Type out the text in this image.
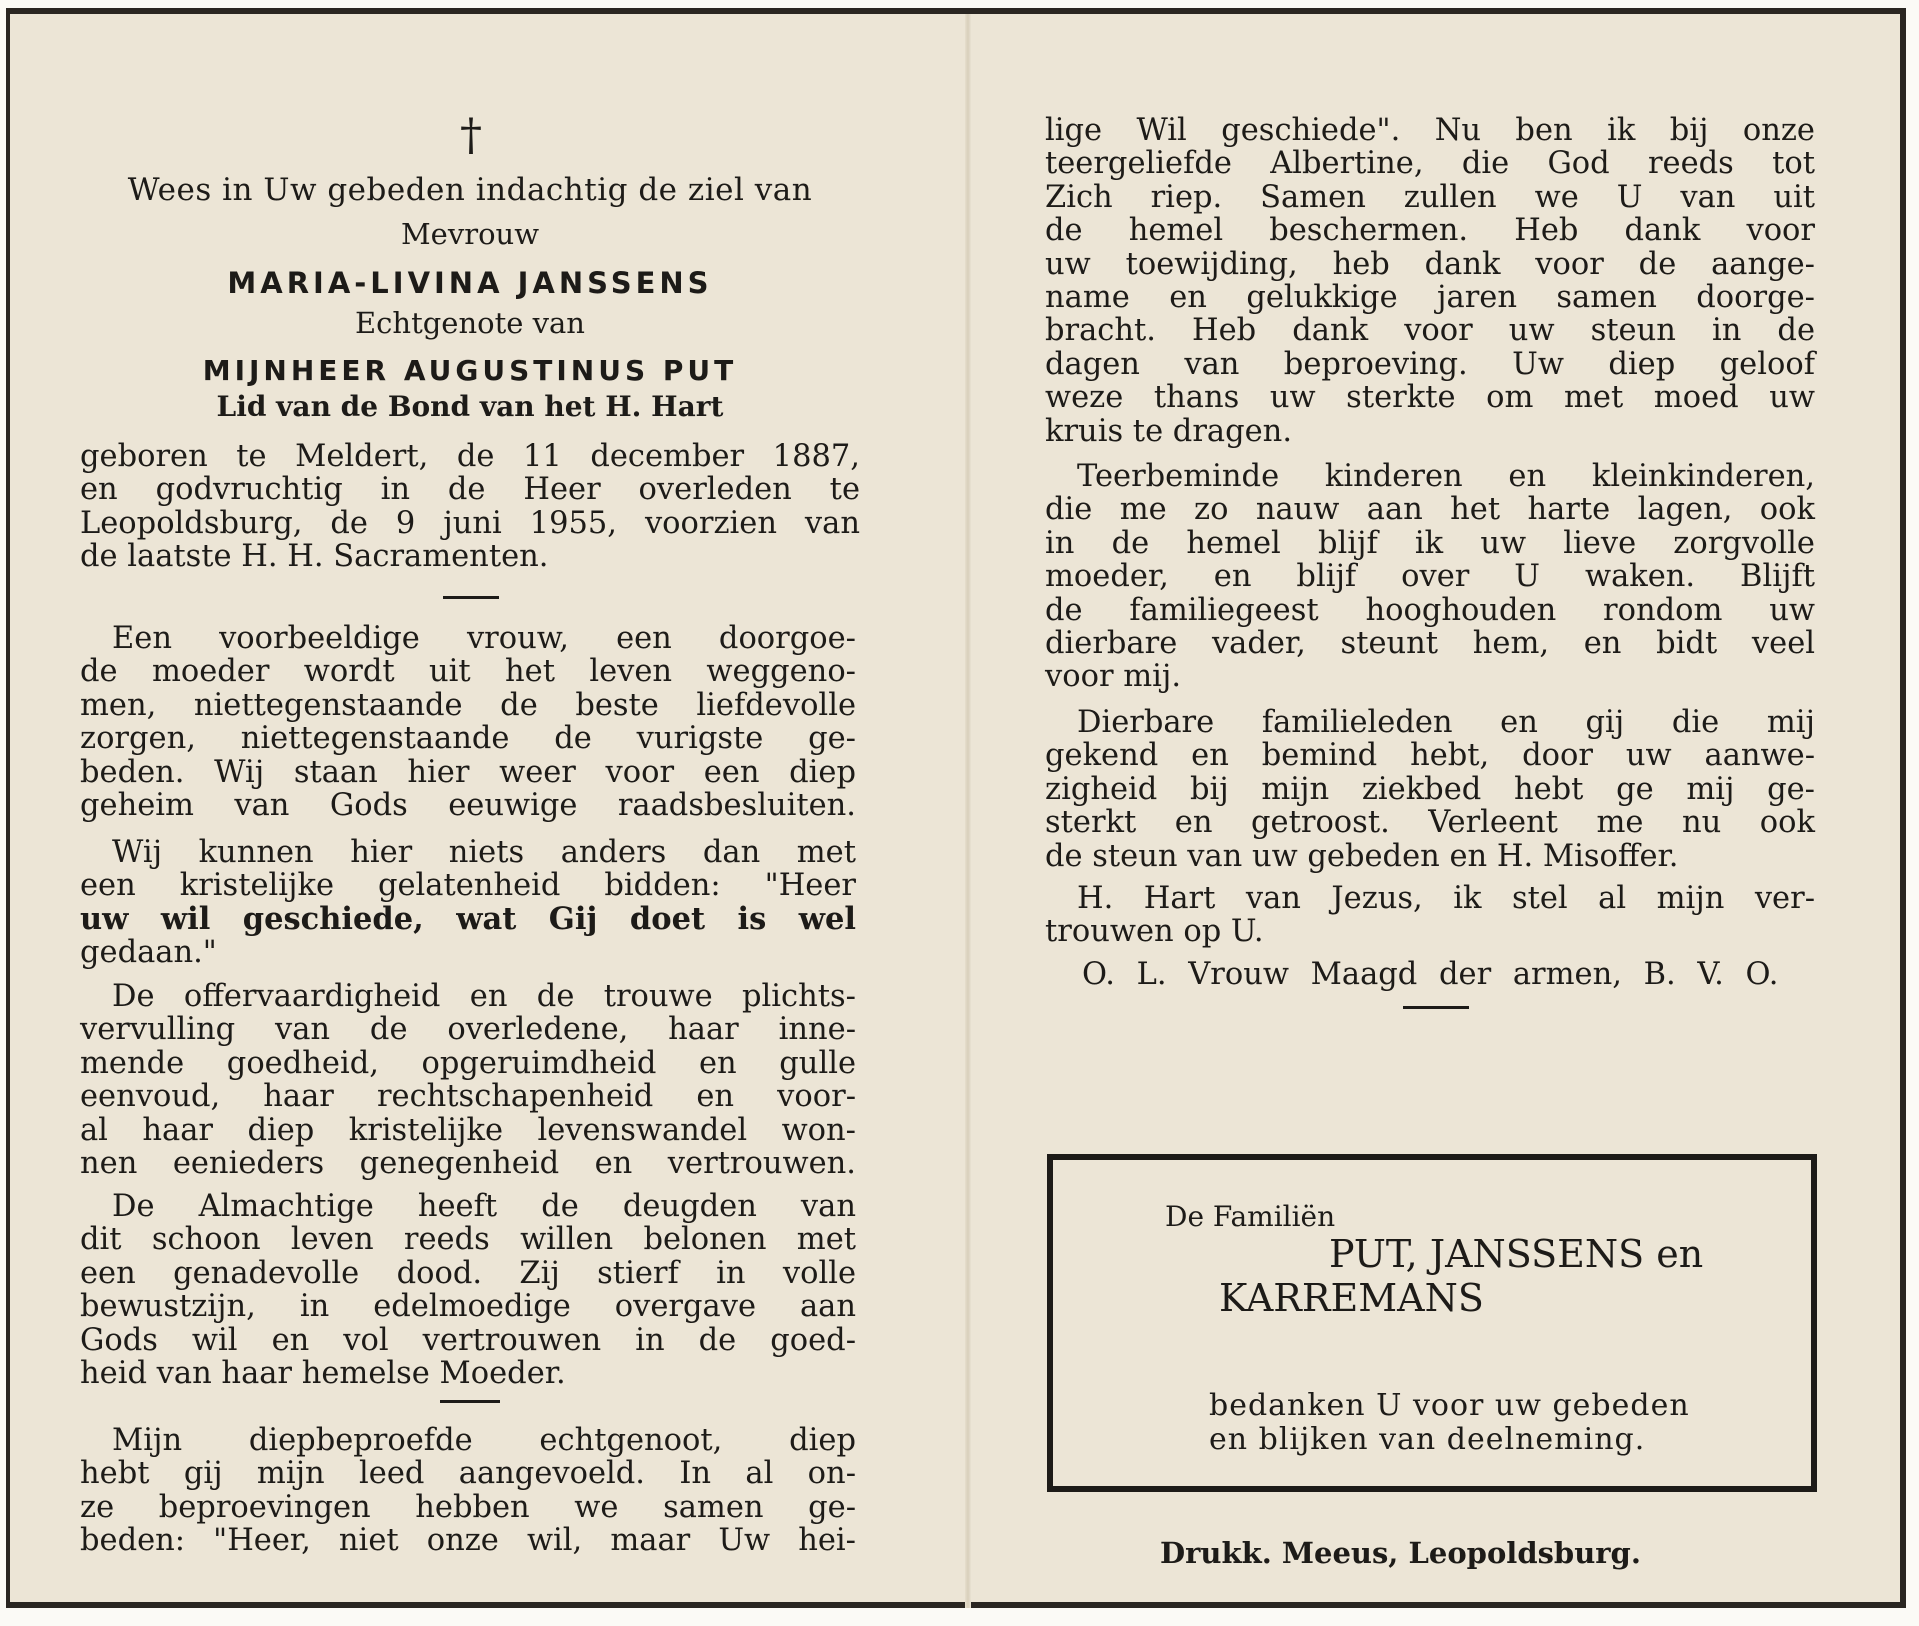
†
Wees in Uw gebeden indachtig de ziel van
Mevrouw
MARIA-LIVINA JANSSENS
Echtgenote van
MIJNHEER AUGUSTINUS PUT
Lid van de Bond van het H. Hart
geboren te Meldert, de 11 december 1887,
en godvruchtig in de Heer overleden te
Leopoldsburg, de 9 juni 1955, voorzien van
de laatste H. H. Sacramenten.
Een voorbeeldige vrouw, een doorgoe-
de moeder wordt uit het leven weggeno-
men, niettegenstaande de beste liefdevolle
zorgen, niettegenstaande de vurigste ge-
beden. Wij staan hier weer voor een diep
geheim van Gods eeuwige raadsbesluiten.
Wij kunnen hier niets anders dan met
een kristelijke gelatenheid bidden: "Heer
uw wil geschiede, wat Gij doet is wel
gedaan."
De offervaardigheid en de trouwe plichts-
vervulling van de overledene, haar inne-
mende goedheid, opgeruimdheid en gulle
eenvoud, haar rechtschapenheid en voor-
al haar diep kristelijke levenswandel won-
nen eenieders genegenheid en vertrouwen.
De Almachtige heeft de deugden van
dit schoon leven reeds willen belonen met
een genadevolle dood. Zij stierf in volle
bewustzijn, in edelmoedige overgave aan
Gods wil en vol vertrouwen in de goed-
heid van haar hemelse Moeder.
Mijn diepbeproefde echtgenoot, diep
hebt gij mijn leed aangevoeld. In al on-
ze beproevingen hebben we samen ge-
beden: "Heer, niet onze wil, maar Uw hei-
lige Wil geschiede". Nu ben ik bij onze
teergeliefde Albertine, die God reeds tot
Zich riep. Samen zullen we U van uit
de hemel beschermen. Heb dank voor
uw toewijding, heb dank voor de aange-
name en gelukkige jaren samen doorge-
bracht. Heb dank voor uw steun in de
dagen van beproeving. Uw diep geloof
weze thans uw sterkte om met moed uw
kruis te dragen.
Teerbeminde kinderen en kleinkinderen,
die me zo nauw aan het harte lagen, ook
in de hemel blijf ik uw lieve zorgvolle
moeder, en blijf over U waken. Blijft
de familiegeest hooghouden rondom uw
dierbare vader, steunt hem, en bidt veel
voor mij.
Dierbare familieleden en gij die mij
gekend en bemind hebt, door uw aanwe-
zigheid bij mijn ziekbed hebt ge mij ge-
sterkt en getroost. Verleent me nu ook
de steun van uw gebeden en H. Misoffer.
H. Hart van Jezus, ik stel al mijn ver-
trouwen op U.
O. L. Vrouw Maagd der armen, B. V. O.
De Familiën
PUT, JANSSENS en
KARREMANS
bedanken U voor uw gebeden
en blijken van deelneming.
Drukk. Meeus, Leopoldsburg.
